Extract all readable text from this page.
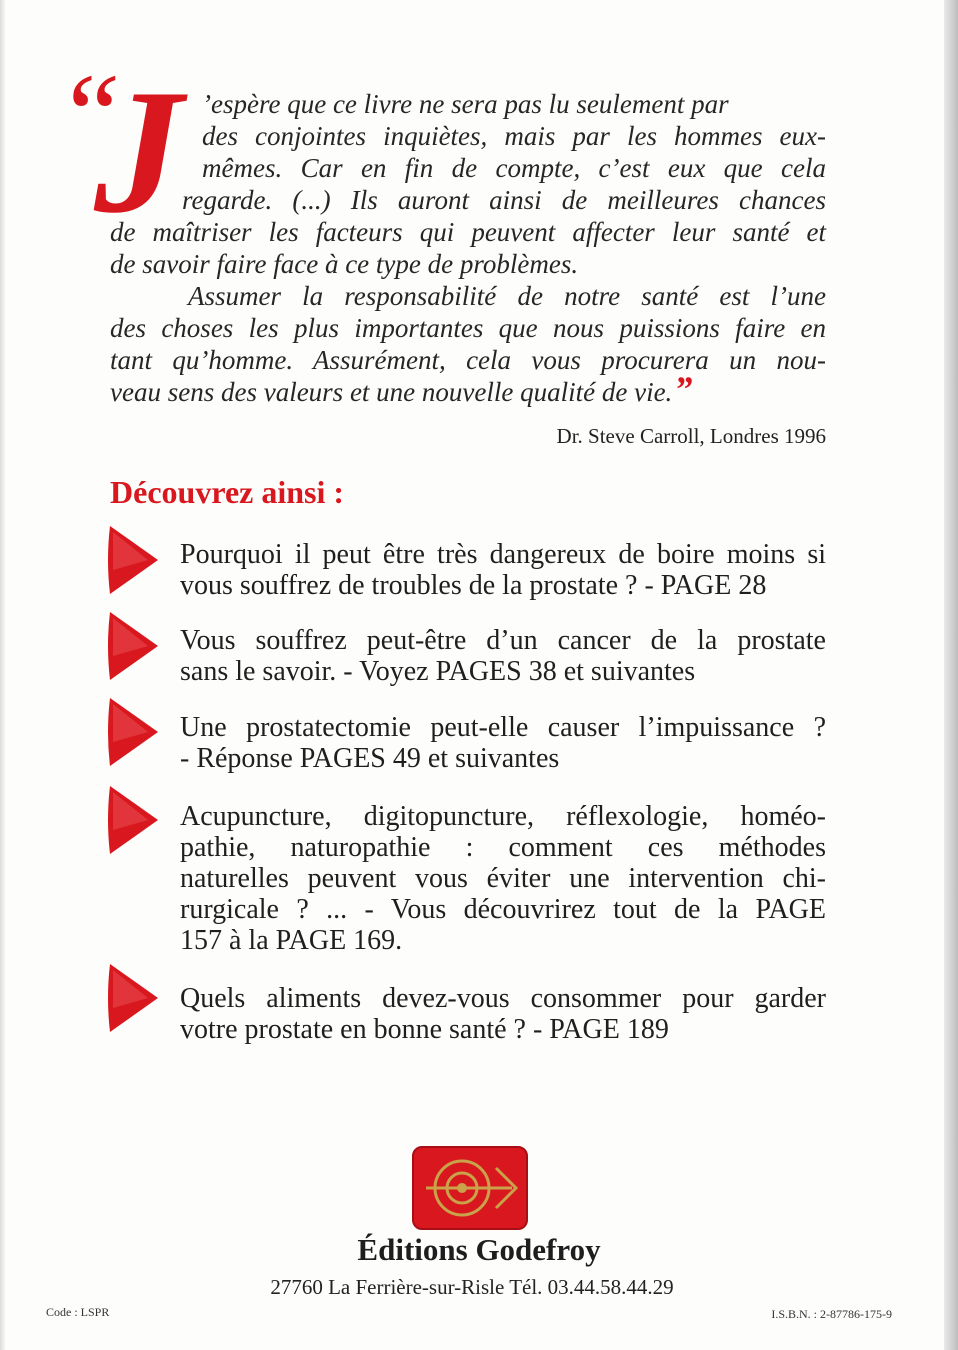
“
J ’espère que ce livre ne sera pas lu seulement par
des conjointes inquiètes, mais par les hommes eux-
mêmes. Car en fin de compte, c’est eux que cela
regarde. (...) Ils auront ainsi de meilleures chances
de maîtriser les facteurs qui peuvent affecter leur santé et
de savoir faire face à ce type de problèmes.
Assumer la responsabilité de notre santé est l’une
des choses les plus importantes que nous puissions faire en
tant qu’homme. Assurément, cela vous procurera un nou-
veau sens des valeurs et une nouvelle qualité de vie.”
Dr. Steve Carroll, Londres 1996
Découvrez ainsi :
Pourquoi il peut être très dangereux de boire moins si
vous souffrez de troubles de la prostate ? - PAGE 28
Vous souffrez peut-être d’un cancer de la prostate
sans le savoir. - Voyez PAGES 38 et suivantes
Une prostatectomie peut-elle causer l’impuissance ?
- Réponse PAGES 49 et suivantes
Acupuncture, digitopuncture, réflexologie, homéo-
pathie, naturopathie : comment ces méthodes
naturelles peuvent vous éviter une intervention chi-
rurgicale ? ... - Vous découvrirez tout de la PAGE
157 à la PAGE 169.
Quels aliments devez-vous consommer pour garder
votre prostate en bonne santé ? - PAGE 189
Éditions Godefroy
27760 La Ferrière-sur-Risle Tél. 03.44.58.44.29
Code : LSPR	I.S.B.N. : 2-87786-175-9
